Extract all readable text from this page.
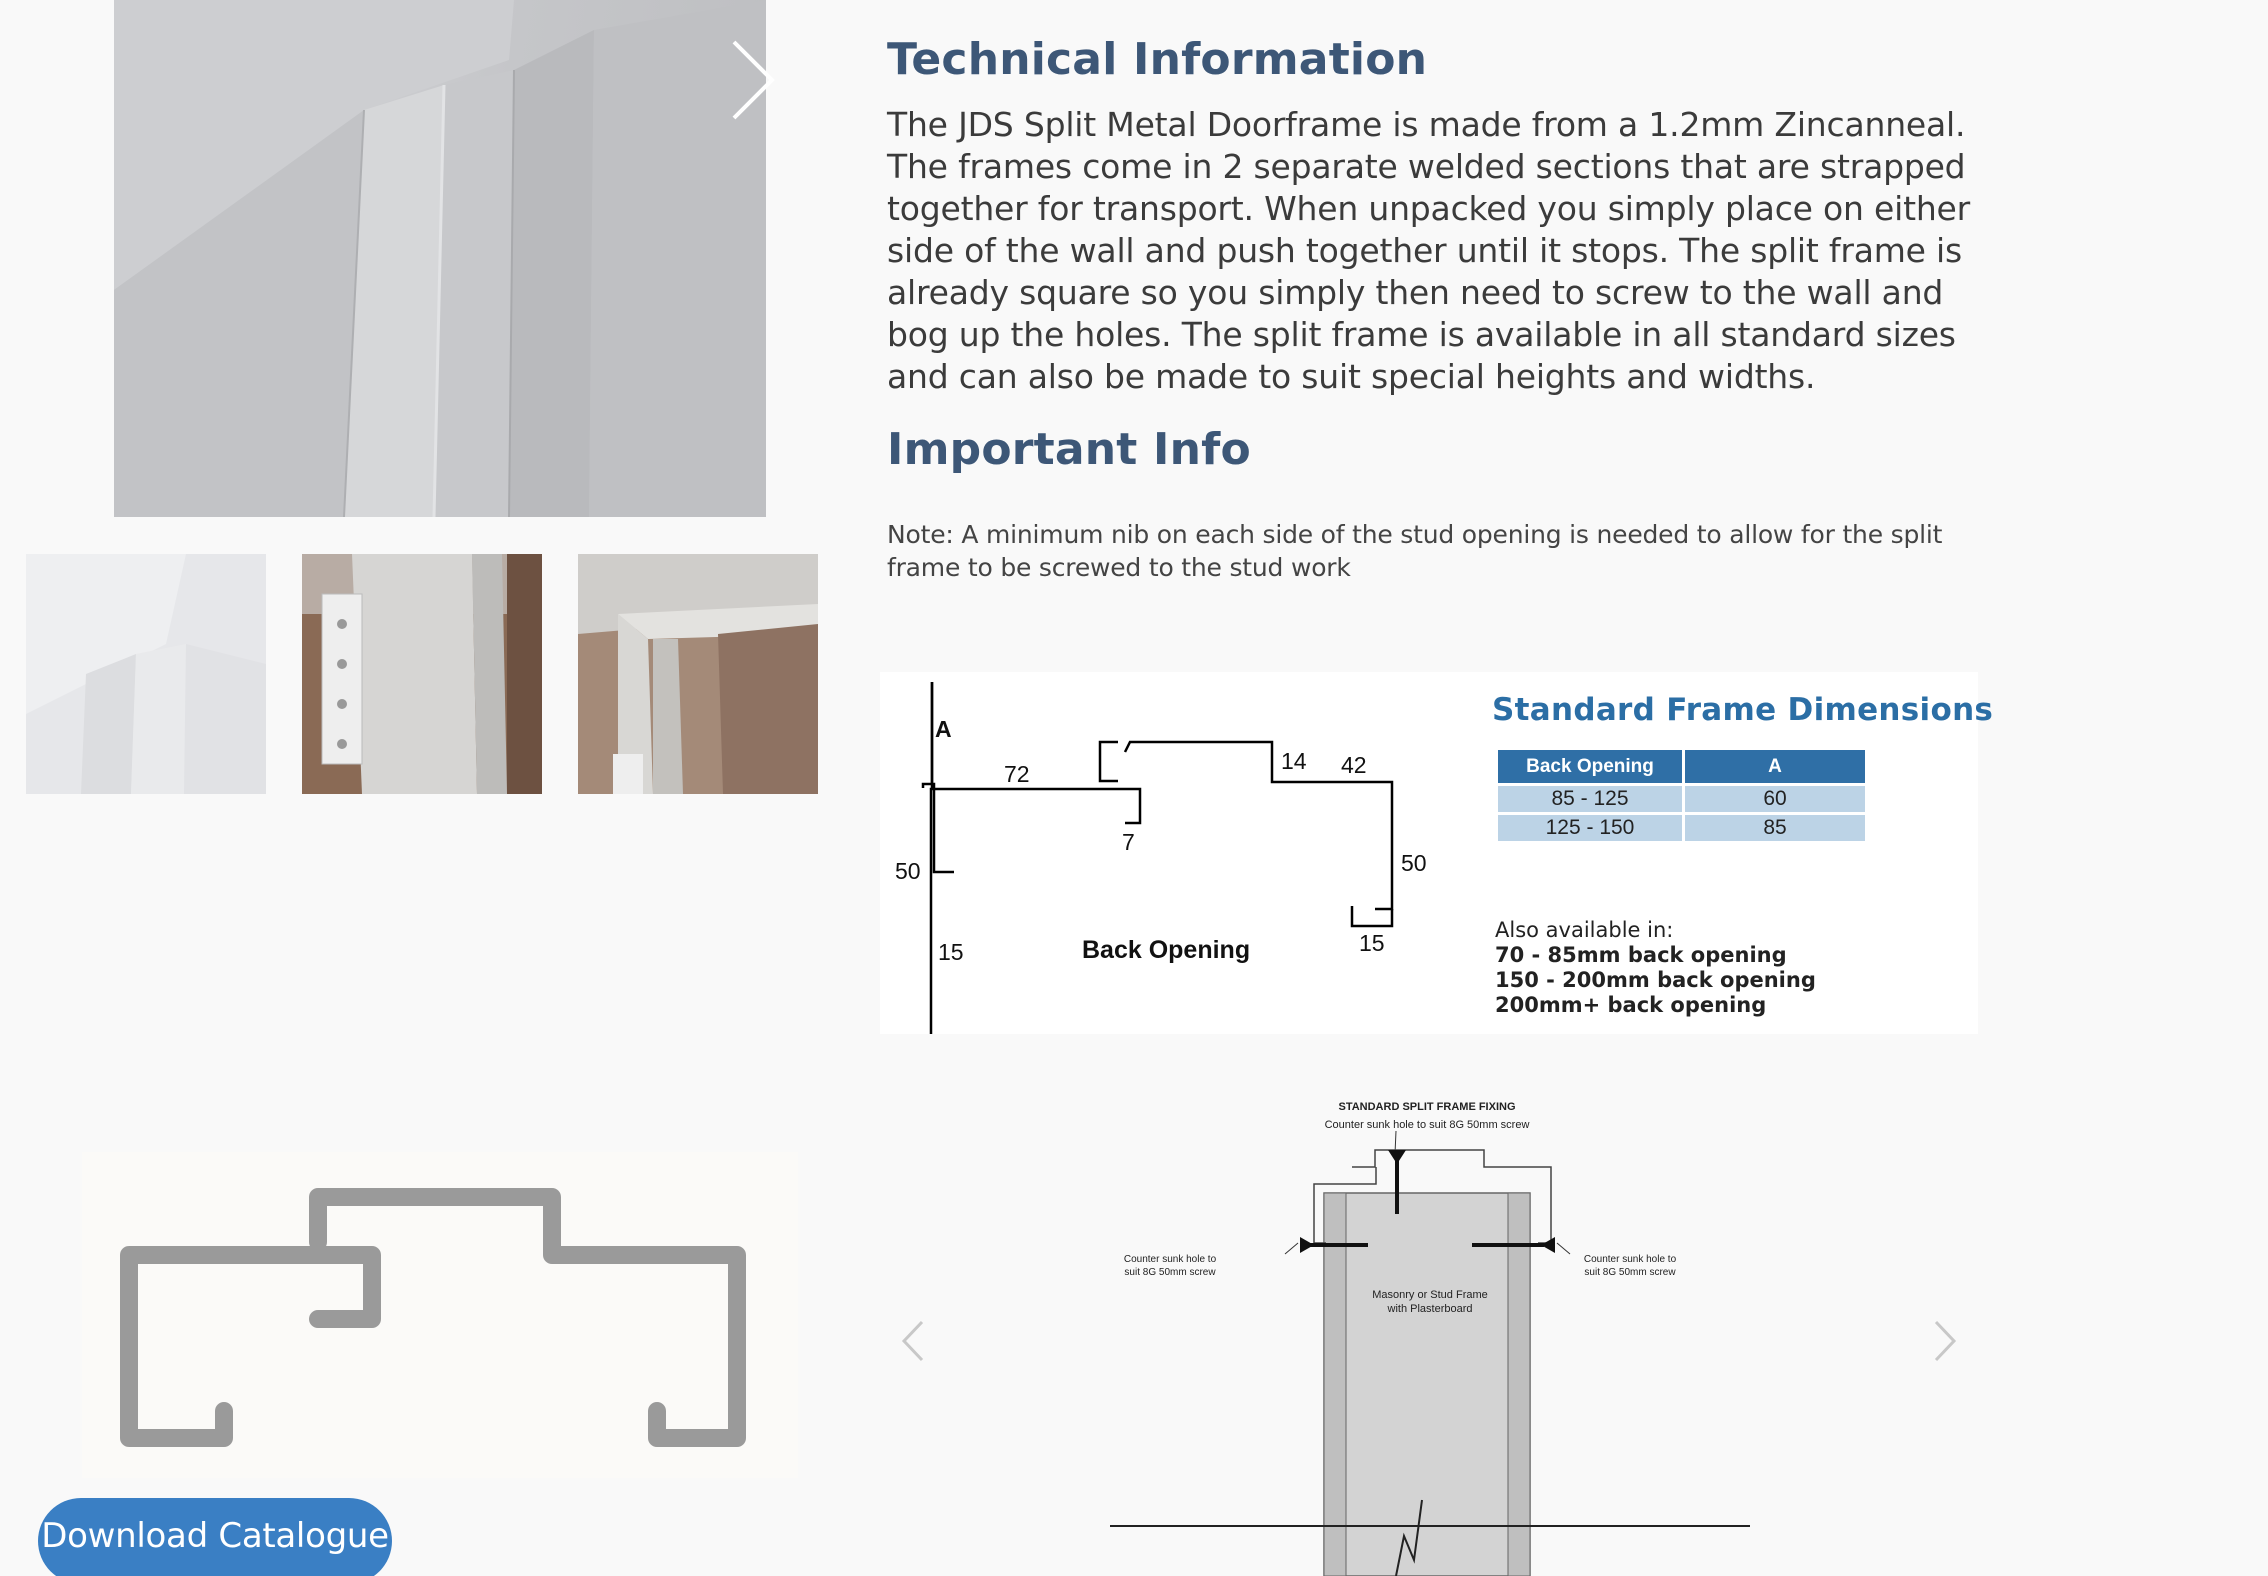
Technical Information
The JDS Split Metal Doorframe is made from a 1.2mm Zincanneal. The frames come in 2 separate welded sections that are strapped together for transport. When unpacked you simply place on either side of the wall and push together until it stops. The split frame is already square so you simply then need to screw to the wall and bog up the holes. The split frame is available in all standard sizes and can also be made to suit special heights and widths.
Important Info
Note: A minimum nib on each side of the stud opening is needed to allow for the split frame to be screwed to the stud work
A
72	14 42
7
50	50
15	15
Back Opening
Standard Frame Dimensions
Back Opening	A
85 - 125	60
125 - 150	85
Also available in:
70 - 85mm back opening
150 - 200mm back opening
200mm+ back opening
STANDARD SPLIT FRAME FIXING
Counter sunk hole to suit 8G 50mm screw
Counter sunk hole to
suit 8G 50mm screw
Counter sunk hole to
suit 8G 50mm screw
Masonry or Stud Frame
with Plasterboard
Download Catalogue
